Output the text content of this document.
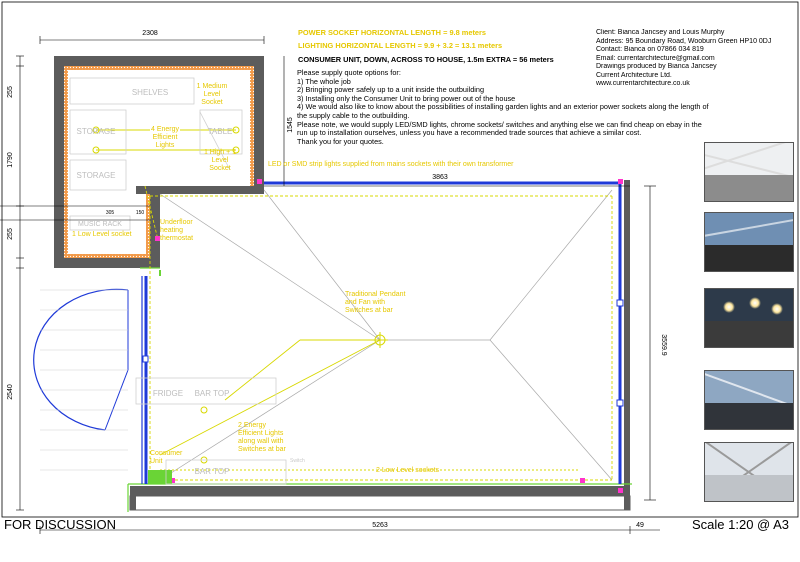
2308
255
1790
255
2540
1545
3863
3559.9
5263	49
305	150
SHELVES
STORAGE
STORAGE
TABLE
MUSIC RACK
FRIDGE BAR TOP
BAR TOP
1 Medium
Level
Socket
4 Energy
Efficient
Lights
1 High + 1
Level
Socket
LED or SMD strip lights supplied from mains sockets with their own transformer
1 Low Level socket
Underfloor
heating
thermostat
Traditional Pendant
and Fan with
Switches at bar
2 Energy
Efficient Lights
along wall with
Switches at bar
Consumer
Unit
2 Low Level sockets
Switch
POWER SOCKET HORIZONTAL LENGTH = 9.8 meters
LIGHTING HORIZONTAL LENGTH = 9.9 + 3.2 = 13.1 meters
CONSUMER UNIT, DOWN, ACROSS TO HOUSE, 1.5m EXTRA = 56 meters
Please supply quote options for:
1) The whole job
2) Bringing power safely up to a unit inside the outbuilding
3) Installing only the Consumer Unit to bring power out of the house
4) We would also like to know about the possibilities of installing garden lights and an exterior power sockets along the length of
the supply cable to the outbuilding.
Please note, we would supply LED/SMD lights, chrome sockets/ switches and anything else we can find cheap on ebay in the
run up to installation ourselves, unless you have a recommended trade sources that achieve a similar cost.
Thank you for your quotes.
Client: Bianca Jancsey and Louis Murphy
Address: 95 Boundary Road, Wooburn Green HP10 0DJ
Contact: Bianca on 07866 034 819
Email: currentarchitecture@gmail.com
Drawings produced by Bianca Jancsey
Current Architecture Ltd.
www.currentarchitecture.co.uk
FOR DISCUSSION	Scale 1:20 @ A3
